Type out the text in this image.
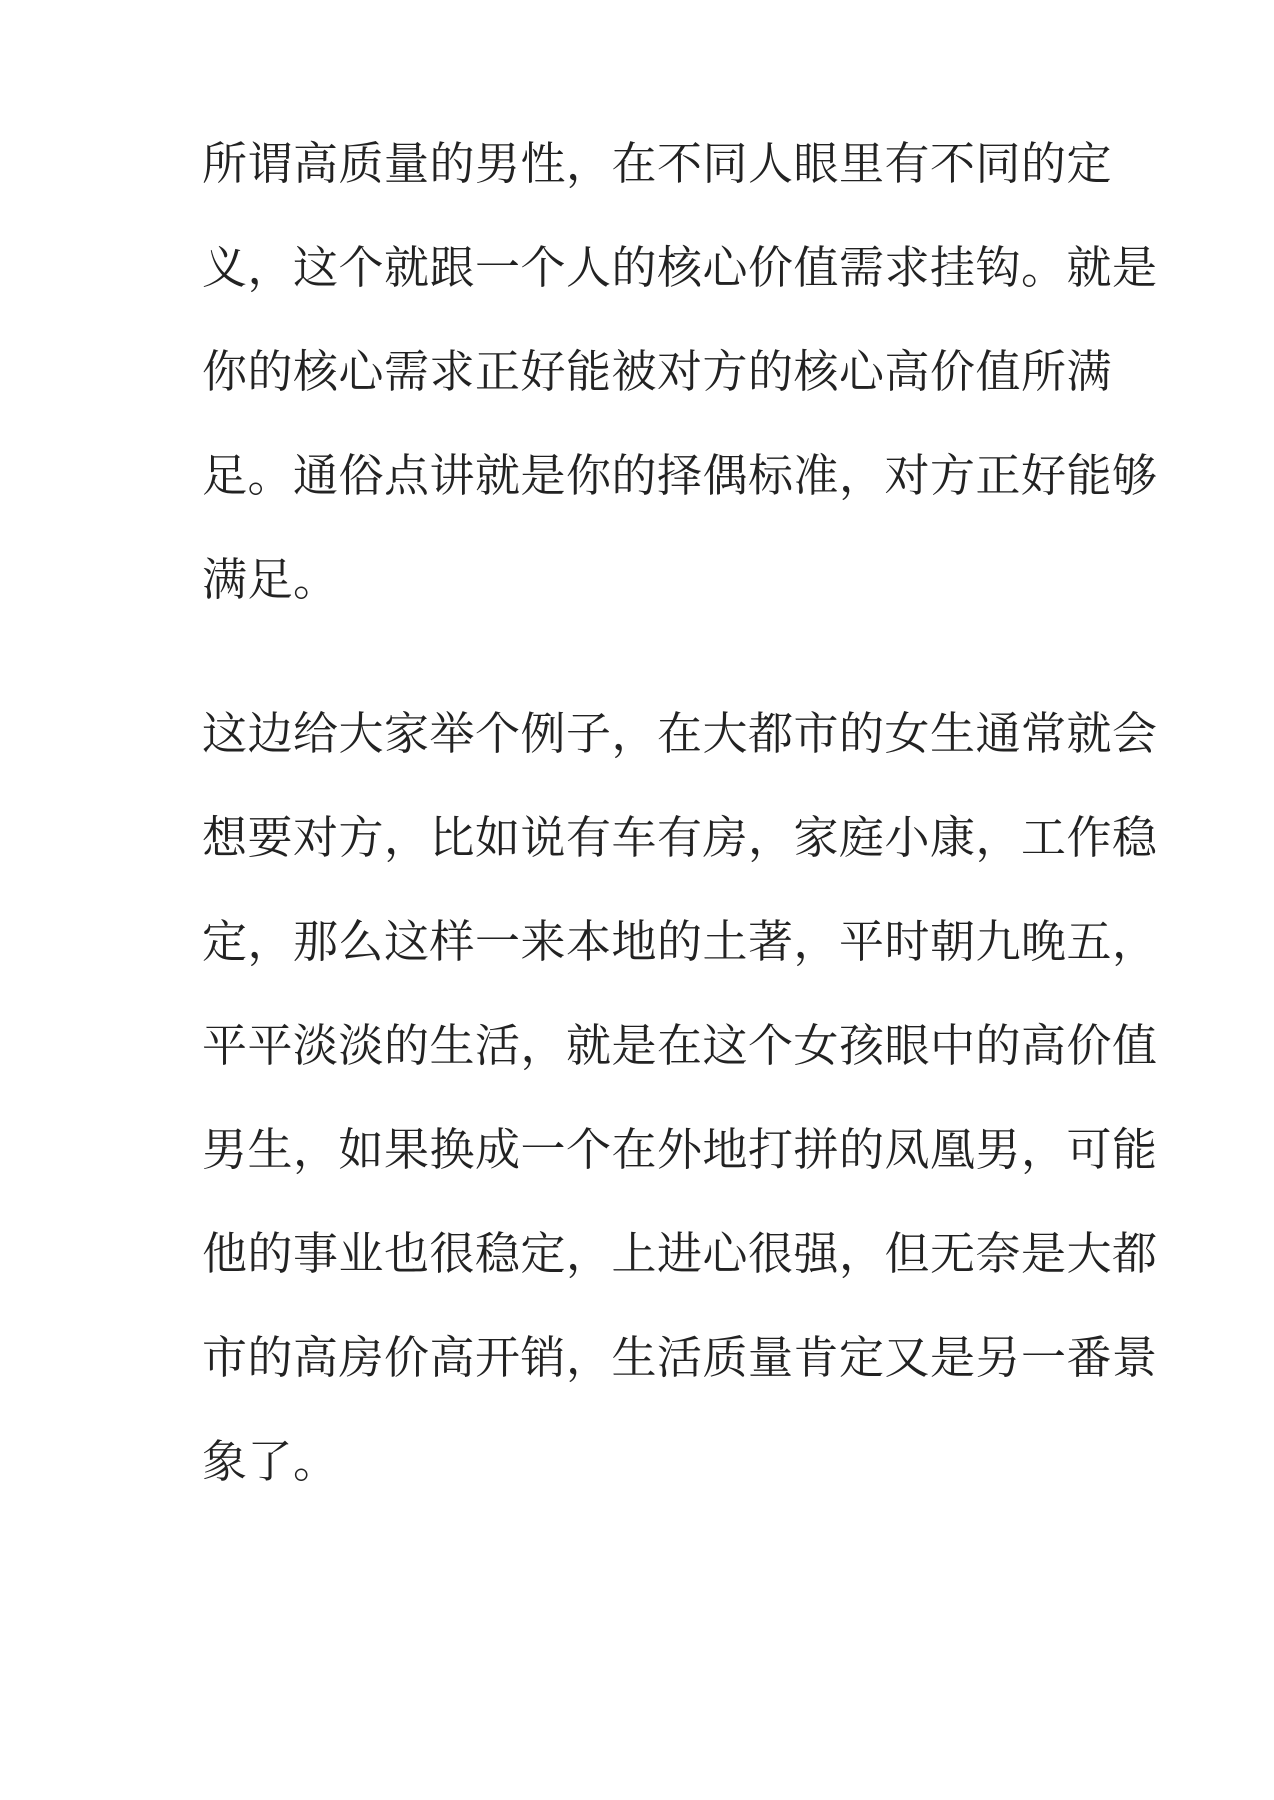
所谓高质量的男性，在不同人眼里有不同的定
义，这个就跟一个人的核心价值需求挂钩。就是
你的核心需求正好能被对方的核心高价值所满
足。通俗点讲就是你的择偶标准，对方正好能够
满足。
这边给大家举个例子，在大都市的女生通常就会
想要对方，比如说有车有房，家庭小康，工作稳
定，那么这样一来本地的土著，平时朝九晚五，
平平淡淡的生活，就是在这个女孩眼中的高价值
男生，如果换成一个在外地打拼的凤凰男，可能
他的事业也很稳定，上进心很强，但无奈是大都
市的高房价高开销，生活质量肯定又是另一番景
象了。
